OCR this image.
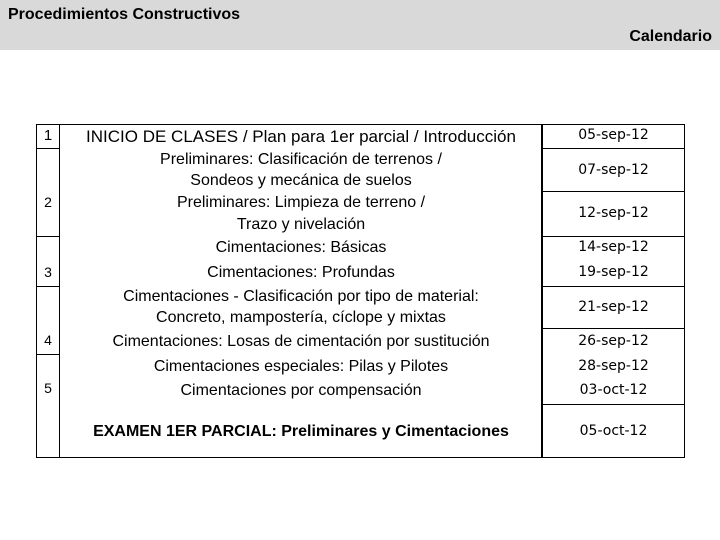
Procedimientos Constructivos
Calendario
1
2
3
4
5
INICIO DE CLASES / Plan para 1er parcial / Introducción
Preliminares: Clasificación de terrenos /
Sondeos y mecánica de suelos
Preliminares: Limpieza de terreno /
Trazo y nivelación
Cimentaciones: Básicas
Cimentaciones: Profundas
Cimentaciones - Clasificación por tipo de material:
Concreto, mampostería, cíclope y mixtas
Cimentaciones: Losas de cimentación por sustitución
Cimentaciones especiales: Pilas y Pilotes
Cimentaciones por compensación
EXAMEN 1ER PARCIAL: Preliminares y Cimentaciones
05-sep-12
07-sep-12
12-sep-12
14-sep-12
19-sep-12
21-sep-12
26-sep-12
28-sep-12
03-oct-12
05-oct-12
